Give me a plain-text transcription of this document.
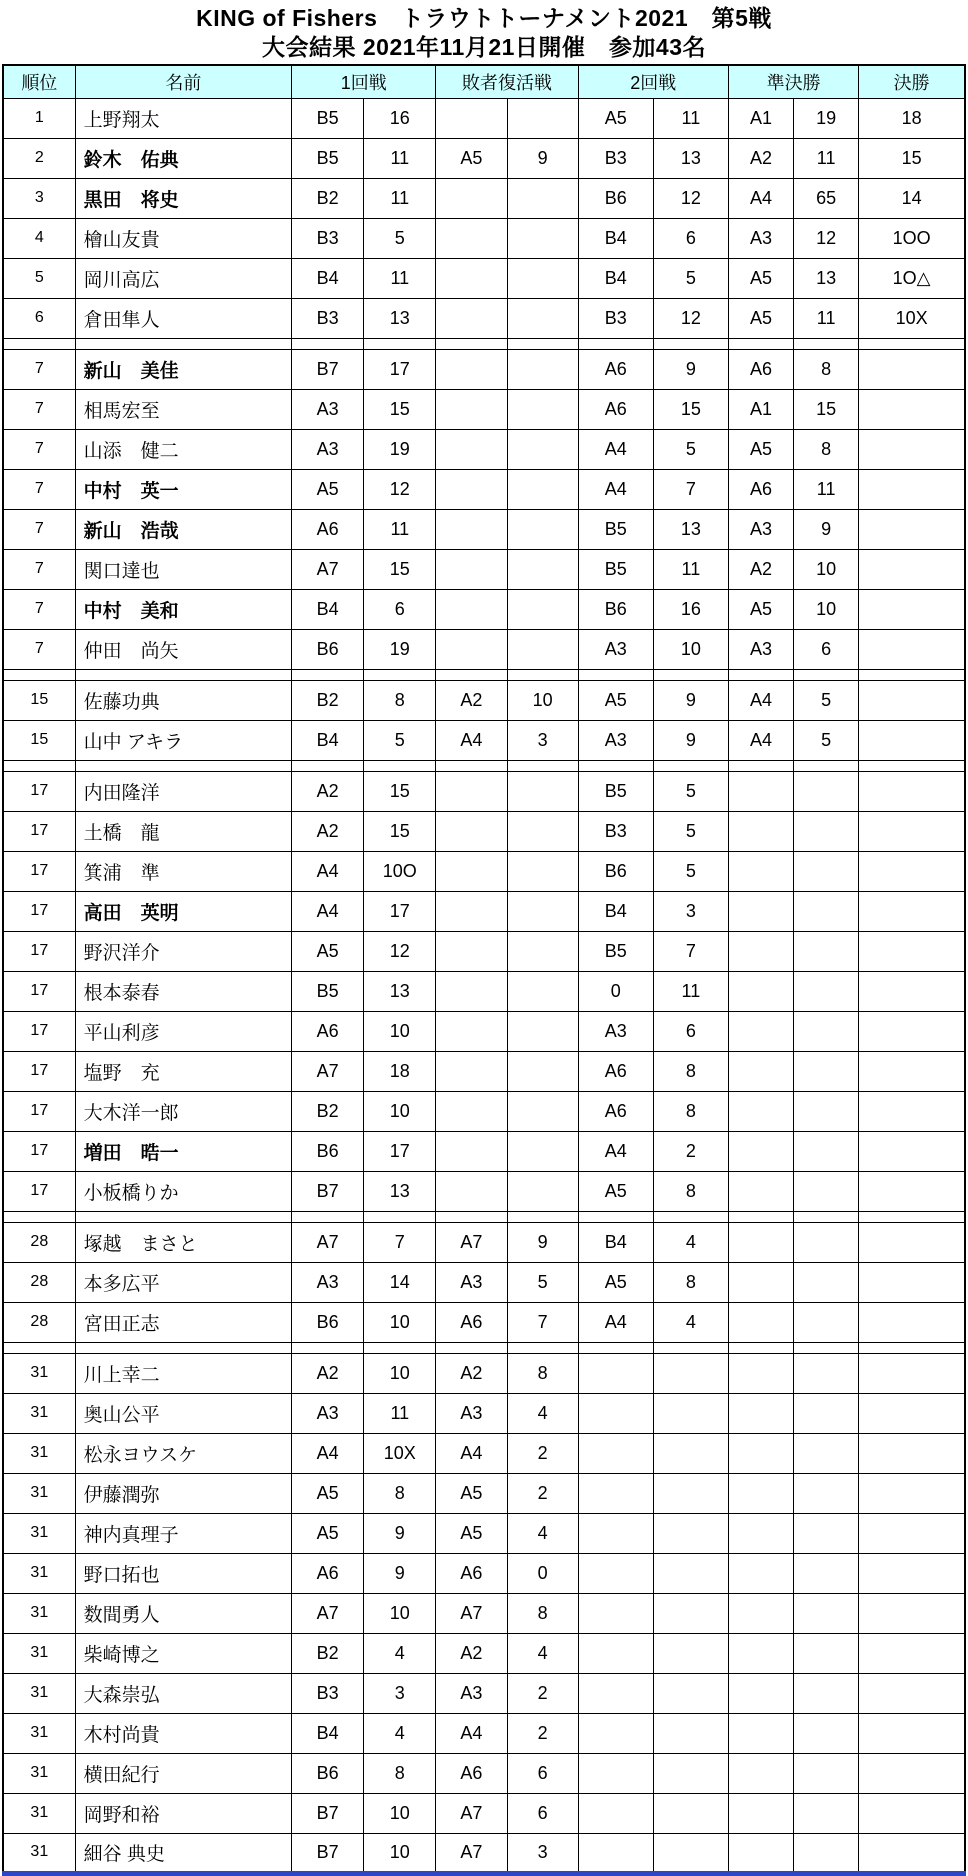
KING of Fishers　トラウトトーナメント2021　第5戦
大会結果 2021年11月21日開催　参加43名
順位	名前	1回戦		敗者復活戦		2回戦		準決勝		決勝
1	上野翔太	B5	16			A5	11	A1	19	18
2	鈴木　佑典	B5	11	A5	9	B3	13	A2	11	15
3	黒田　将史	B2	11			B6	12	A4	65	14
4	檜山友貴	B3	5			B4	6	A3	12	1OO
5	岡川高広	B4	11			B4	5	A5	13	1O△
6	倉田隼人	B3	13			B3	12	A5	11	10X

7	新山　美佳	B7	17			A6	9	A6	8	
7	相馬宏至	A3	15			A6	15	A1	15	
7	山添　健二	A3	19			A4	5	A5	8	
7	中村　英一	A5	12			A4	7	A6	11	
7	新山　浩哉	A6	11			B5	13	A3	9	
7	関口達也	A7	15			B5	11	A2	10	
7	中村　美和	B4	6			B6	16	A5	10	
7	仲田　尚矢	B6	19			A3	10	A3	6	

15	佐藤功典	B2	8	A2	10	A5	9	A4	5	
15	山中 アキラ	B4	5	A4	3	A3	9	A4	5	

17	内田隆洋	A2	15			B5	5			
17	土橋　龍	A2	15			B3	5			
17	箕浦　準	A4	10O			B6	5			
17	高田　英明	A4	17			B4	3			
17	野沢洋介	A5	12			B5	7			
17	根本泰春	B5	13			0	11			
17	平山利彦	A6	10			A3	6			
17	塩野　充	A7	18			A6	8			
17	大木洋一郎	B2	10			A6	8			
17	増田　晧一	B6	17			A4	2			
17	小板橋りか	B7	13			A5	8			

28	塚越　まさと	A7	7	A7	9	B4	4			
28	本多広平	A3	14	A3	5	A5	8			
28	宮田正志	B6	10	A6	7	A4	4			

31	川上幸二	A2	10	A2	8					
31	奥山公平	A3	11	A3	4					
31	松永ヨウスケ	A4	10X	A4	2					
31	伊藤潤弥	A5	8	A5	2					
31	神内真理子	A5	9	A5	4					
31	野口拓也	A6	9	A6	0					
31	数間勇人	A7	10	A7	8					
31	柴崎博之	B2	4	A2	4					
31	大森崇弘	B3	3	A3	2					
31	木村尚貴	B4	4	A4	2					
31	横田紀行	B6	8	A6	6					
31	岡野和裕	B7	10	A7	6					
31	細谷 典史	B7	10	A7	3					
